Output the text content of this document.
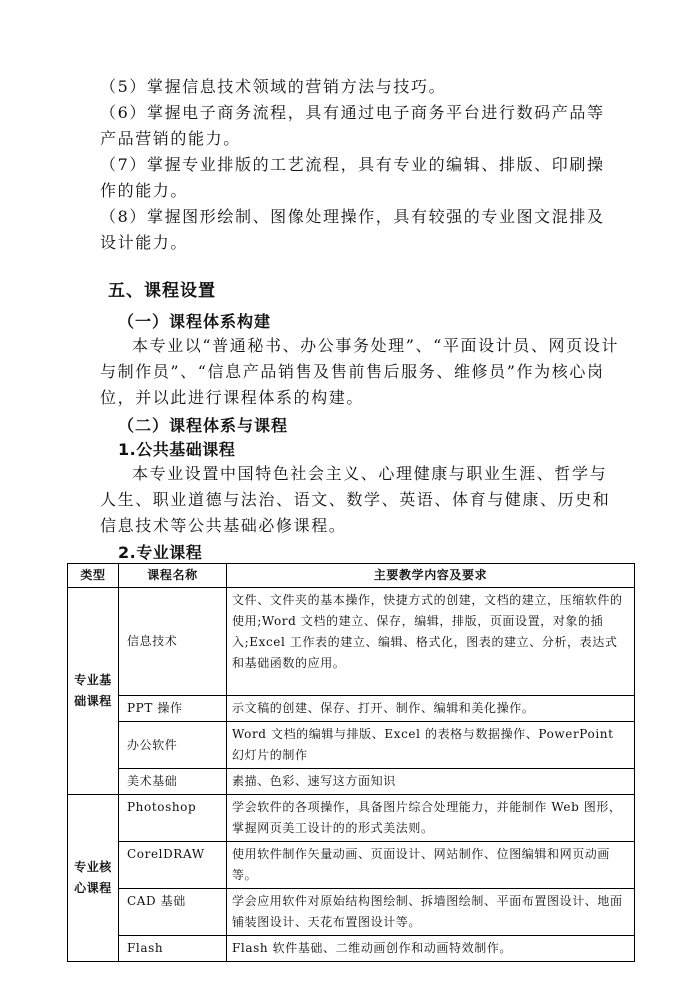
（5）掌握信息技术领域的营销方法与技巧。

（6）掌握电子商务流程，具有通过电子商务平台进行数码产品等产品营销的能力。

（7）掌握专业排版的工艺流程，具有专业的编辑、排版、印刷操作的能力。

（8）掌握图形绘制、图像处理操作，具有较强的专业图文混排及设计能力。

五、课程设置
（一）课程体系构建

本专业以“普通秘书、办公事务处理”、“平面设计员、网页设计与制作员”、“信息产品销售及售前售后服务、维修员”作为核心岗位，并以此进行课程体系的构建。

（二）课程体系与课程
1.公共基础课程

本专业设置中国特色社会主义、心理健康与职业生涯、哲学与人生、职业道德与法治、语文、数学、英语、体育与健康、历史和信息技术等公共基础必修课程。

2.专业课程
类型	课程名称	主要教学内容及要求
专业基础课程	信息技术	文件、文件夹的基本操作，快捷方式的创建，文档的建立，压缩软件的使用;Word 文档的建立、保存，编辑，排版，页面设置，对象的插入;Excel 工作表的建立、编辑、格式化，图表的建立、分析，表达式和基础函数的应用。
	PPT 操作	示文稿的创建、保存、打开、制作、编辑和美化操作。
	办公软件	Word 文档的编辑与排版、Excel 的表格与数据操作、PowerPoint 幻灯片的制作
	美术基础	素描、色彩、速写这方面知识
专业核心课程	Photoshop	学会软件的各项操作，具备图片综合处理能力，并能制作 Web 图形，掌握网页美工设计的的形式美法则。
	CorelDRAW	使用软件制作矢量动画、页面设计、网站制作、位图编辑和网页动画等。
	CAD 基础	学会应用软件对原始结构图绘制、拆墙图绘制、平面布置图设计、地面铺装图设计、天花布置图设计等。
	Flash	Flash 软件基础、二维动画创作和动画特效制作。
